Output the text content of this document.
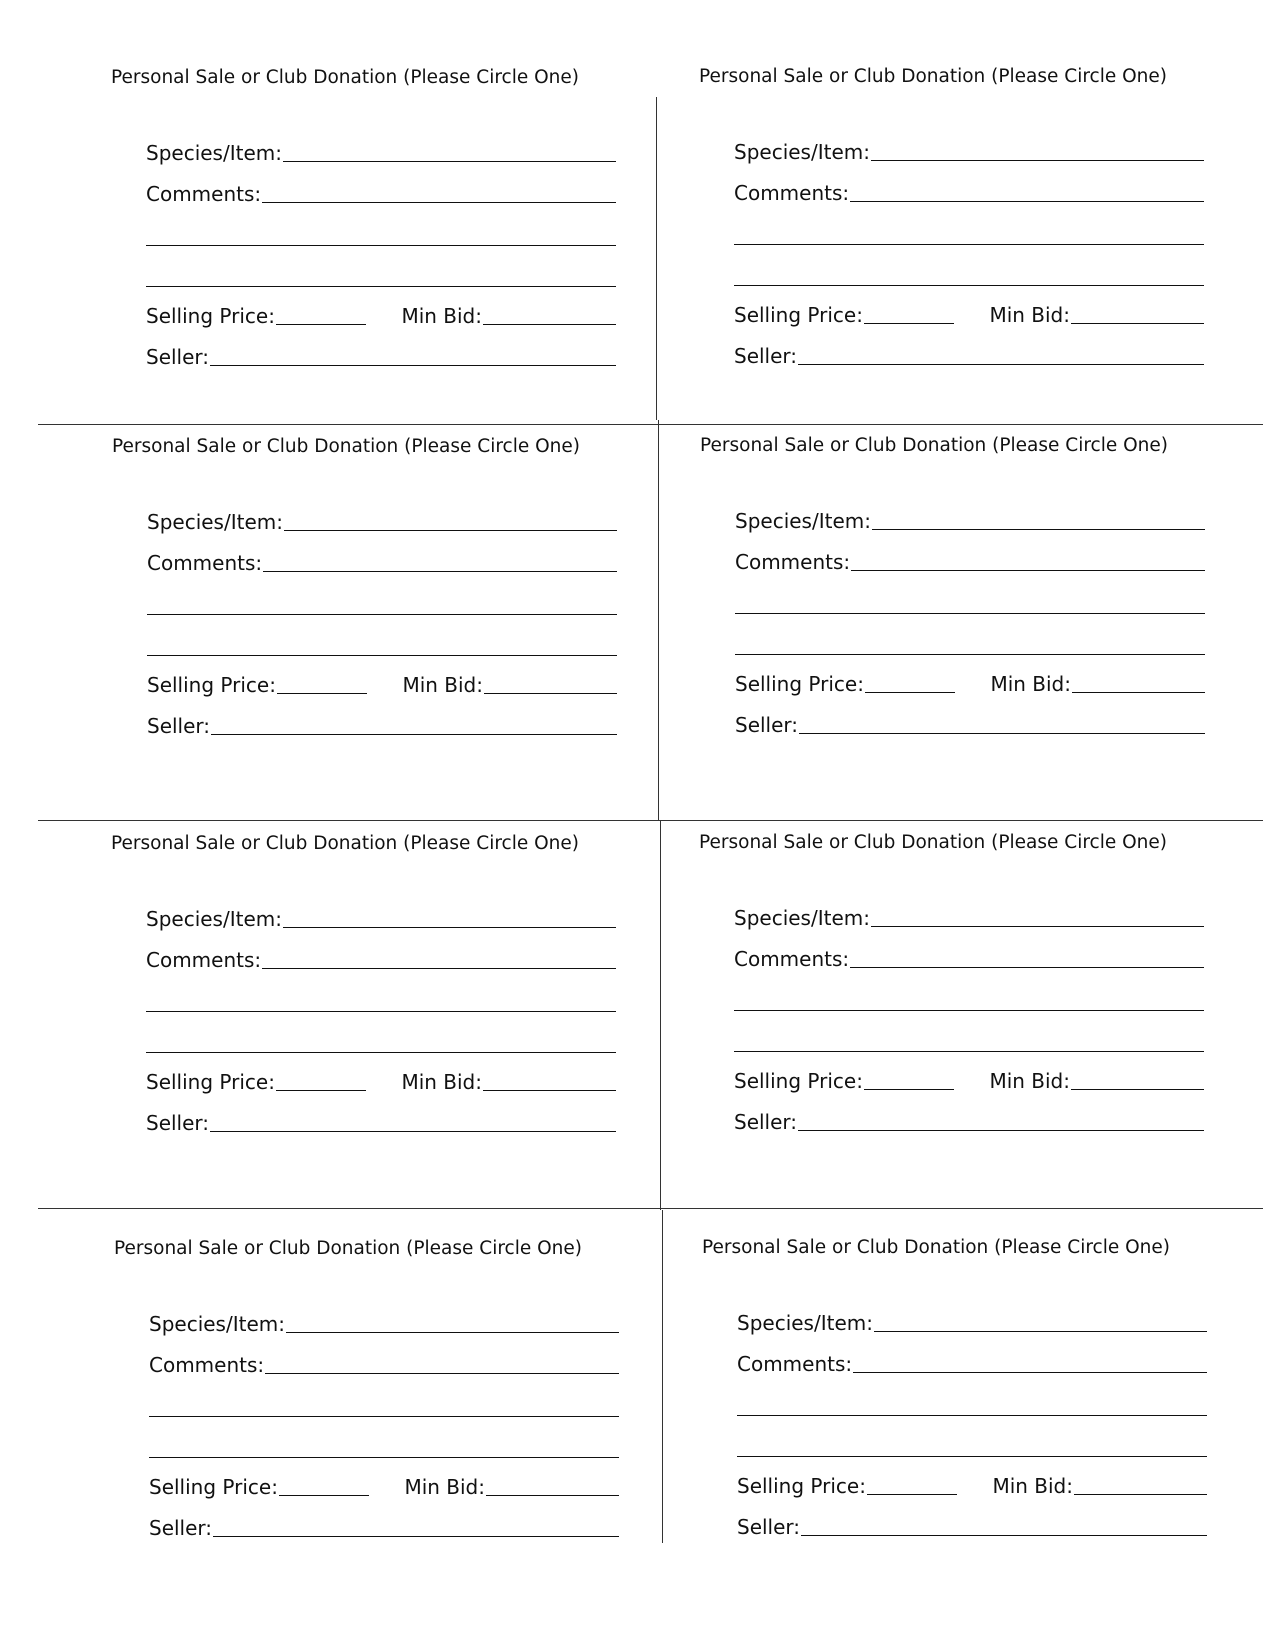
Personal Sale or Club Donation (Please Circle One)
Species/Item:
Comments:
Selling Price:	Min Bid:
Seller:
Personal Sale or Club Donation (Please Circle One)
Species/Item:
Comments:
Selling Price:	Min Bid:
Seller:
Personal Sale or Club Donation (Please Circle One)
Species/Item:
Comments:
Selling Price:	Min Bid:
Seller:
Personal Sale or Club Donation (Please Circle One)
Species/Item:
Comments:
Selling Price:	Min Bid:
Seller:
Personal Sale or Club Donation (Please Circle One)
Species/Item:
Comments:
Selling Price:	Min Bid:
Seller:
Personal Sale or Club Donation (Please Circle One)
Species/Item:
Comments:
Selling Price:	Min Bid:
Seller:
Personal Sale or Club Donation (Please Circle One)
Species/Item:
Comments:
Selling Price:	Min Bid:
Seller:
Personal Sale or Club Donation (Please Circle One)
Species/Item:
Comments:
Selling Price:	Min Bid:
Seller:
